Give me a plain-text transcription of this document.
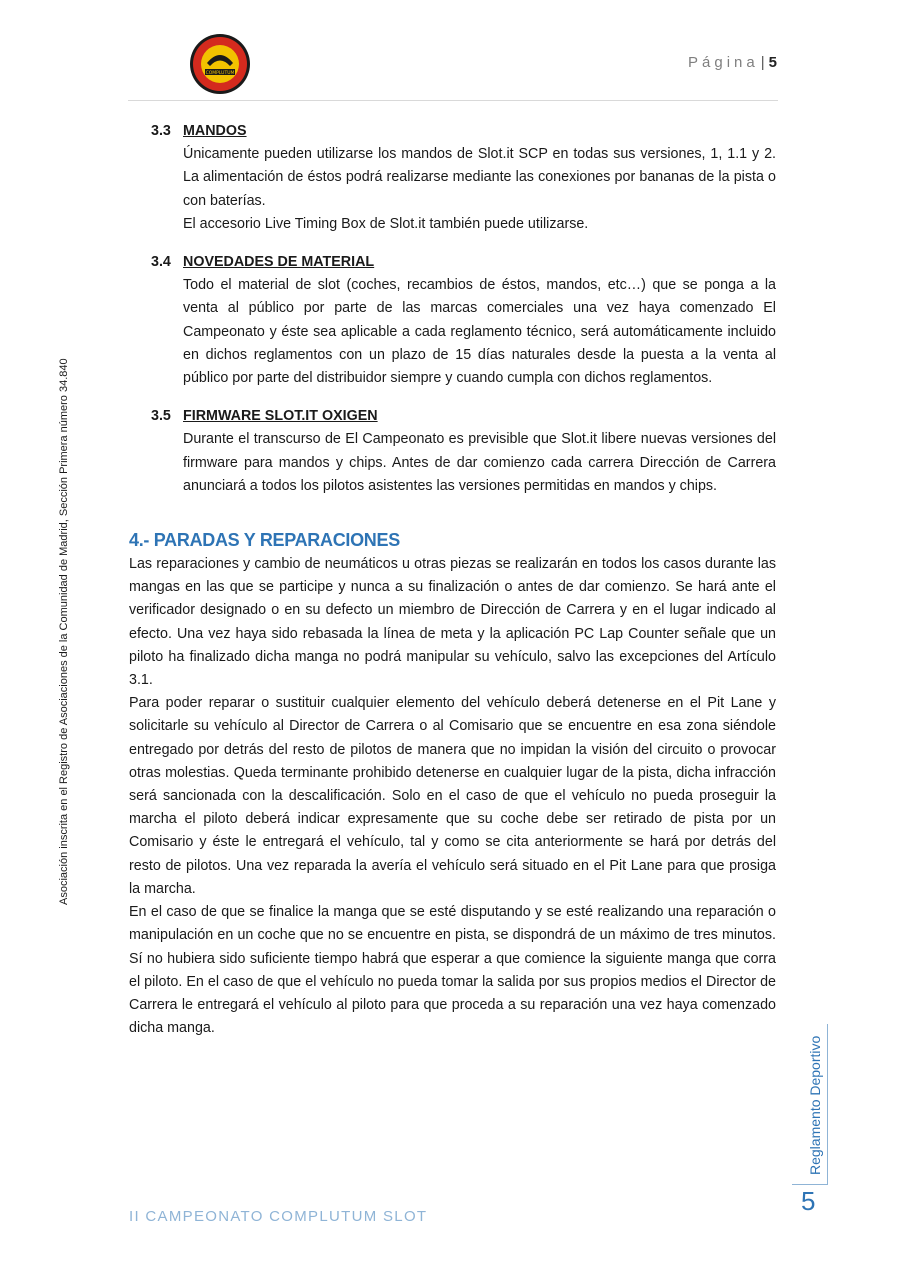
COMPLUTUM
Página | 5
Asociación inscrita en el Registro de Asociaciones de la Comunidad de Madrid, Sección Primera número 34.840
3.3 MANDOS

Únicamente pueden utilizarse los mandos de Slot.it SCP en todas sus versiones, 1, 1.1 y 2. La alimentación de éstos podrá realizarse mediante las conexiones por bananas de la pista o con baterías.

El accesorio Live Timing Box de Slot.it también puede utilizarse.

3.4 NOVEDADES DE MATERIAL

Todo el material de slot (coches, recambios de éstos, mandos, etc…) que se ponga a la venta al público por parte de las marcas comerciales una vez haya comenzado El Campeonato y éste sea aplicable a cada reglamento técnico, será automáticamente incluido en dichos reglamentos con un plazo de 15 días naturales desde la puesta a la venta al público por parte del distribuidor siempre y cuando cumpla con dichos reglamentos.

3.5 FIRMWARE SLOT.IT OXIGEN

Durante el transcurso de El Campeonato es previsible que Slot.it libere nuevas versiones del firmware para mandos y chips. Antes de dar comienzo cada carrera Dirección de Carrera anunciará a todos los pilotos asistentes las versiones permitidas en mandos y chips.

4.- PARADAS Y REPARACIONES

Las reparaciones y cambio de neumáticos u otras piezas se realizarán en todos los casos durante las mangas en las que se participe y nunca a su finalización o antes de dar comienzo. Se hará ante el verificador designado o en su defecto un miembro de Dirección de Carrera y en el lugar indicado al efecto. Una vez haya sido rebasada la línea de meta y la aplicación PC Lap Counter señale que un piloto ha finalizado dicha manga no podrá manipular su vehículo, salvo las excepciones del Artículo 3.1.

Para poder reparar o sustituir cualquier elemento del vehículo deberá detenerse en el Pit Lane y solicitarle su vehículo al Director de Carrera o al Comisario que se encuentre en esa zona siéndole entregado por detrás del resto de pilotos de manera que no impidan la visión del circuito o provocar otras molestias. Queda terminante prohibido detenerse en cualquier lugar de la pista, dicha infracción será sancionada con la descalificación. Solo en el caso de que el vehículo no pueda proseguir la marcha el piloto deberá indicar expresamente que su coche debe ser retirado de pista por un Comisario y éste le entregará el vehículo, tal y como se cita anteriormente se hará por detrás del resto de pilotos. Una vez reparada la avería el vehículo será situado en el Pit Lane para que prosiga la marcha.

En el caso de que se finalice la manga que se esté disputando y se esté realizando una reparación o manipulación en un coche que no se encuentre en pista, se dispondrá de un máximo de tres minutos. Sí no hubiera sido suficiente tiempo habrá que esperar a que comience la siguiente manga que corra el piloto. En el caso de que el vehículo no pueda tomar la salida por sus propios medios el Director de Carrera le entregará el vehículo al piloto para que proceda a su reparación una vez haya comenzado dicha manga.

Reglamento Deportivo
5
II CAMPEONATO COMPLUTUM SLOT
